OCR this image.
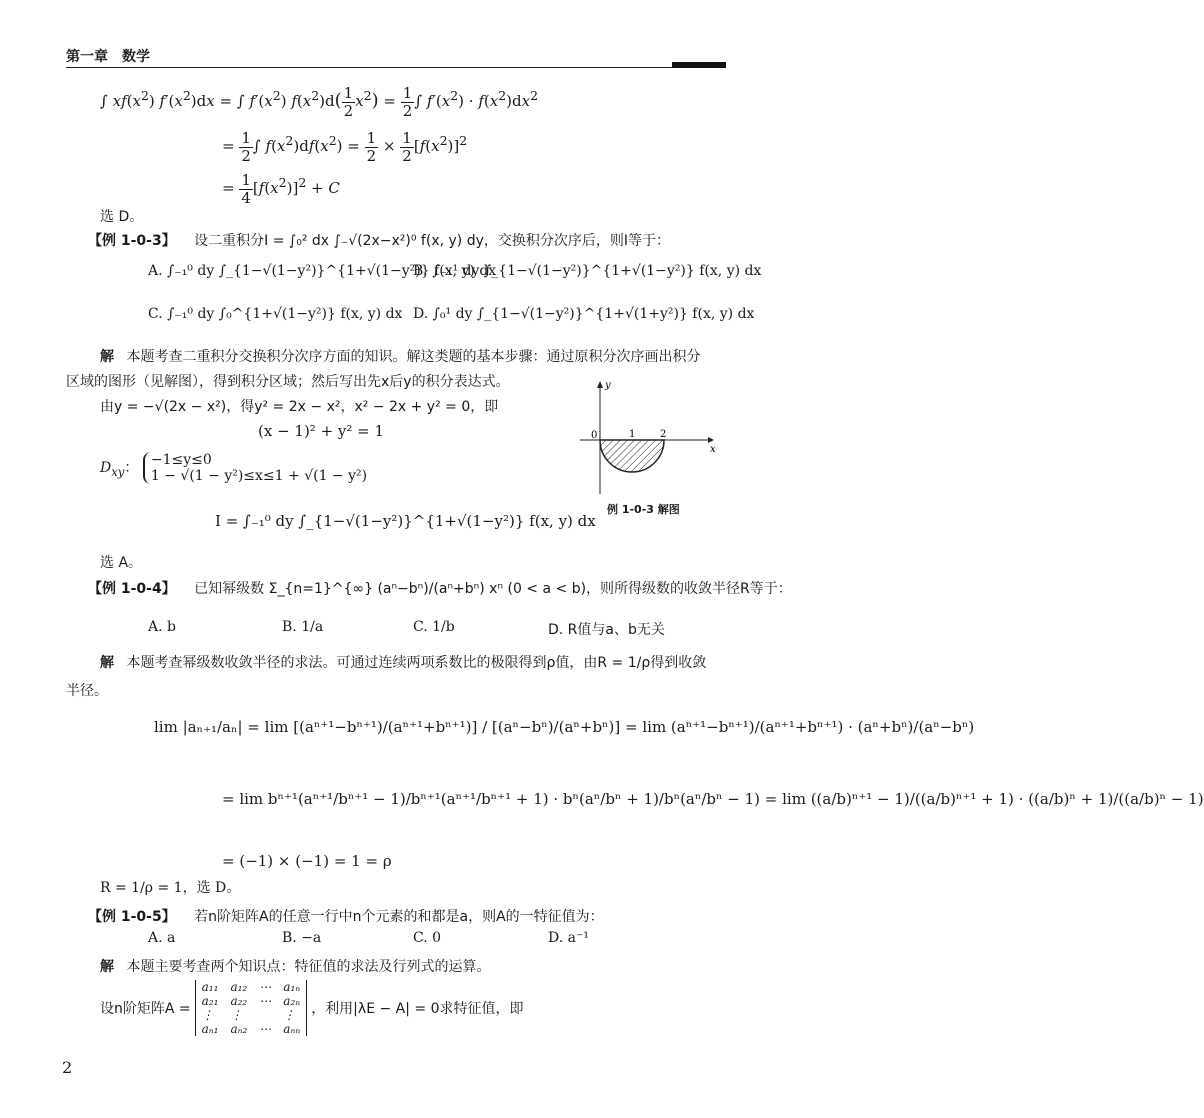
第一章　数学
∫ $xf(x^2) f'(x^2)dx$ = ∫ $f'(x^2)$ $f(x^2)d( \frac{1}{2} x^2) = \frac{1}{2}$ ∫ $f'(x^2) \cdot f(x^2)dx^2$
= $\frac{1}{2}$ ∫ $f(x^2)df(x^2) = \frac{1}{2} \times \frac{1}{2} [f(x^2)]^2$
= $\frac{1}{4} [f(x^2)]^2 + C$
选 D。
【例 1-0-3】 设二重积分I = ∫₀² dx ∫₋√(2x−x²)⁰ f(x, y) dy，交换积分次序后，则I等于：
A. ∫₋₁⁰ dy ∫_{1−√(1−y²)}^{1+√(1−y²)} f(x, y) dx
B. ∫₋₁¹ dy ∫_{1−√(1−y²)}^{1+√(1−y²)} f(x, y) dx
C. ∫₋₁⁰ dy ∫₀^{1+√(1−y²)} f(x, y) dx D. ∫₀¹ dy ∫_{1−√(1−y²)}^{1+√(1+y²)} f(x, y) dx
解 本题考查二重积分交换积分次序方面的知识。解这类题的基本步骤：通过原积分次序画出积分
区域的图形（见解图），得到积分区域；然后写出先x后y的积分表达式。
由y = −√(2x − x²)，得y² = 2x − x²，x² − 2x + y² = 0，即
(x − 1)² + y² = 1
$D_{xy}$： −1≤y≤0
1 − √(1 − y²)≤x≤1 + √(1 − y²)
I = ∫₋₁⁰ dy ∫_{1−√(1−y²)}^{1+√(1−y²)} f(x, y) dx
选 A。
x
y
0	1 2
例 1-0-3 解图
【例 1-0-4】 已知幂级数 Σ_{n=1}^{∞} (aⁿ−bⁿ)/(aⁿ+bⁿ) xⁿ (0 < a < b)，则所得级数的收敛半径R等于：
A. b	B. 1/a	C. 1/b	D. R值与a、b无关
解 本题考查幂级数收敛半径的求法。可通过连续两项系数比的极限得到ρ值，由R = 1/ρ得到收敛
半径。
lim |aₙ₊₁/aₙ| = lim [(aⁿ⁺¹−bⁿ⁺¹)/(aⁿ⁺¹+bⁿ⁺¹)] / [(aⁿ−bⁿ)/(aⁿ+bⁿ)] = lim (aⁿ⁺¹−bⁿ⁺¹)/(aⁿ⁺¹+bⁿ⁺¹) · (aⁿ+bⁿ)/(aⁿ−bⁿ)
= lim bⁿ⁺¹(aⁿ⁺¹/bⁿ⁺¹ − 1)/bⁿ⁺¹(aⁿ⁺¹/bⁿ⁺¹ + 1) · bⁿ(aⁿ/bⁿ + 1)/bⁿ(aⁿ/bⁿ − 1) = lim ((a/b)ⁿ⁺¹ − 1)/((a/b)ⁿ⁺¹ + 1) · ((a/b)ⁿ + 1)/((a/b)ⁿ − 1)
= (−1) × (−1) = 1 = ρ
R = 1/ρ = 1，选 D。
【例 1-0-5】 若n阶矩阵A的任意一行中n个元素的和都是a，则A的一特征值为：
A. a	B. −a	C. 0	D. a⁻¹
解 本题主要考查两个知识点：特征值的求法及行列式的运算。
设n阶矩阵A =
a₁₁	a₁₂	⋯	a₁ₙ
a₂₁	a₂₂	⋯	a₂ₙ
⋮	⋮		⋮
aₙ₁	aₙ₂	⋯	aₙₙ
，利用|λE − A| = 0求特征值，即
2
